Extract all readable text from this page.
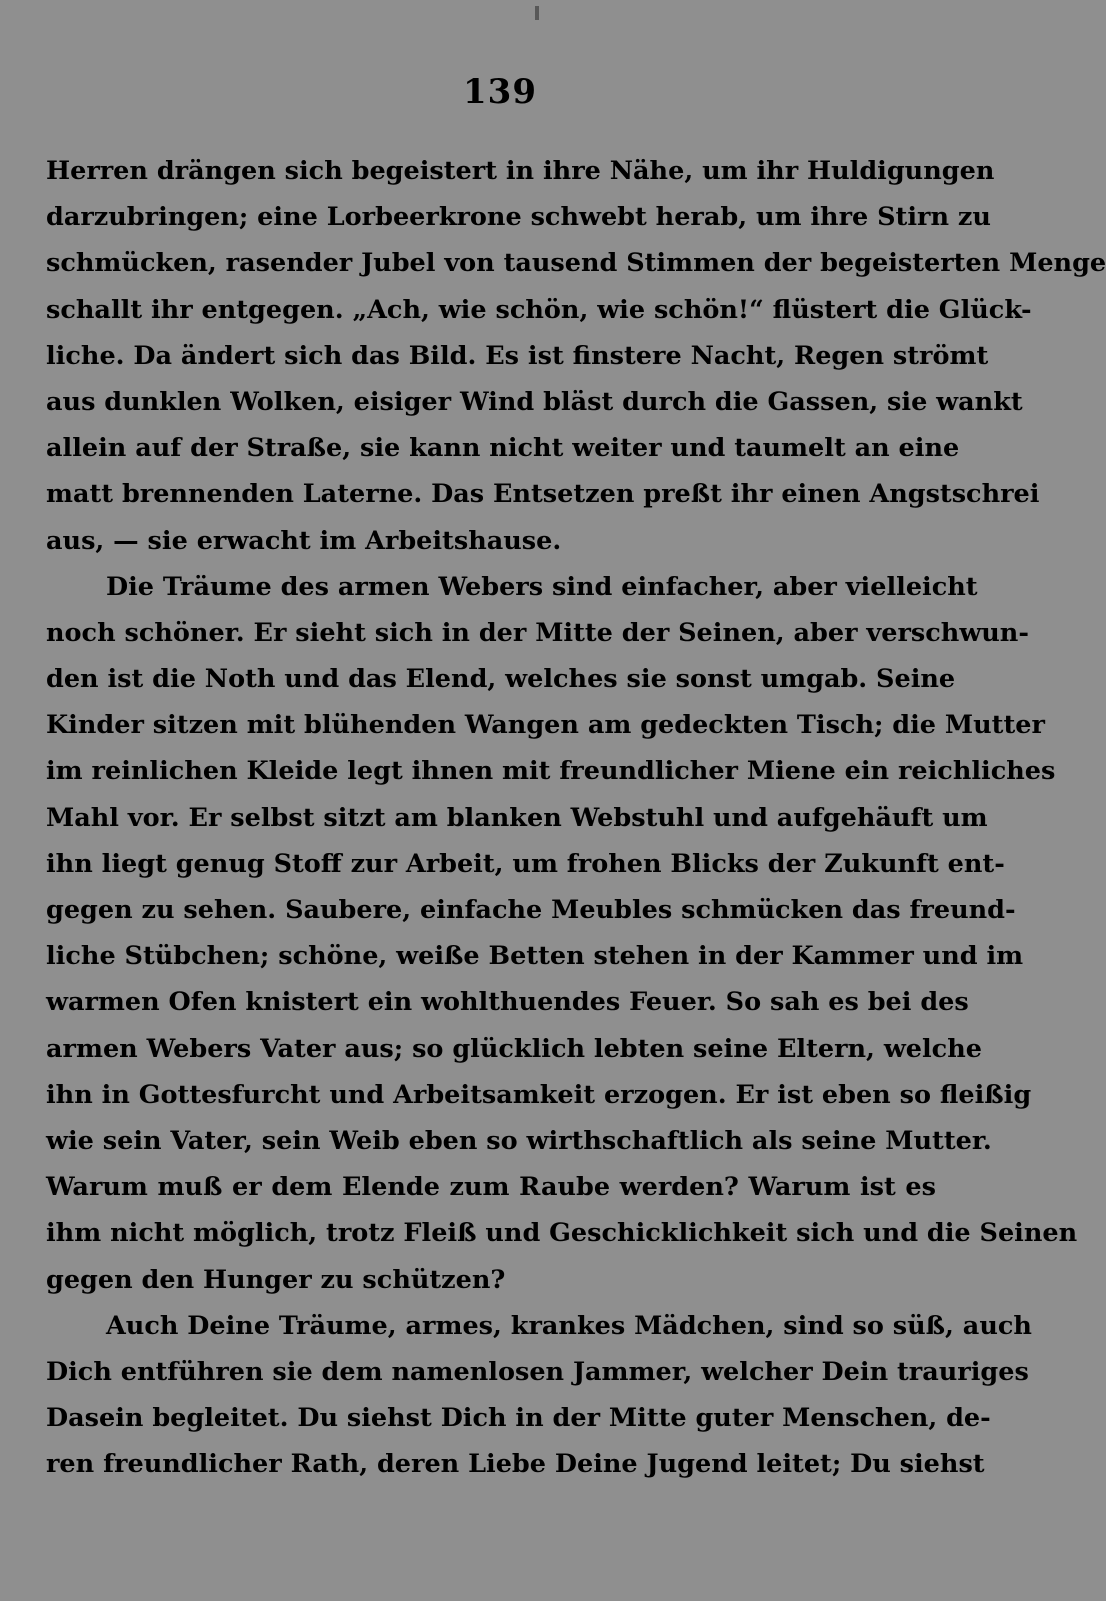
139

Herren drängen sich begeistert in ihre Nähe, um ihr Huldigungen
darzubringen; eine Lorbeerkrone schwebt herab, um ihre Stirn zu
schmücken, rasender Jubel von tausend Stimmen der begeisterten Menge
schallt ihr entgegen. „Ach, wie schön, wie schön!“ flüstert die Glück-
liche. Da ändert sich das Bild. Es ist finstere Nacht, Regen strömt
aus dunklen Wolken, eisiger Wind bläst durch die Gassen, sie wankt
allein auf der Straße, sie kann nicht weiter und taumelt an eine
matt brennenden Laterne. Das Entsetzen preßt ihr einen Angstschrei
aus, — sie erwacht im Arbeitshause.

Die Träume des armen Webers sind einfacher, aber vielleicht
noch schöner. Er sieht sich in der Mitte der Seinen, aber verschwun-
den ist die Noth und das Elend, welches sie sonst umgab. Seine
Kinder sitzen mit blühenden Wangen am gedeckten Tisch; die Mutter
im reinlichen Kleide legt ihnen mit freundlicher Miene ein reichliches
Mahl vor. Er selbst sitzt am blanken Webstuhl und aufgehäuft um
ihn liegt genug Stoff zur Arbeit, um frohen Blicks der Zukunft ent-
gegen zu sehen. Saubere, einfache Meubles schmücken das freund-
liche Stübchen; schöne, weiße Betten stehen in der Kammer und im
warmen Ofen knistert ein wohlthuendes Feuer. So sah es bei des
armen Webers Vater aus; so glücklich lebten seine Eltern, welche
ihn in Gottesfurcht und Arbeitsamkeit erzogen. Er ist eben so fleißig
wie sein Vater, sein Weib eben so wirthschaftlich als seine Mutter.
Warum muß er dem Elende zum Raube werden? Warum ist es
ihm nicht möglich, trotz Fleiß und Geschicklichkeit sich und die Seinen
gegen den Hunger zu schützen?

Auch Deine Träume, armes, krankes Mädchen, sind so süß, auch
Dich entführen sie dem namenlosen Jammer, welcher Dein trauriges
Dasein begleitet. Du siehst Dich in der Mitte guter Menschen, de-
ren freundlicher Rath, deren Liebe Deine Jugend leitet; Du siehst
